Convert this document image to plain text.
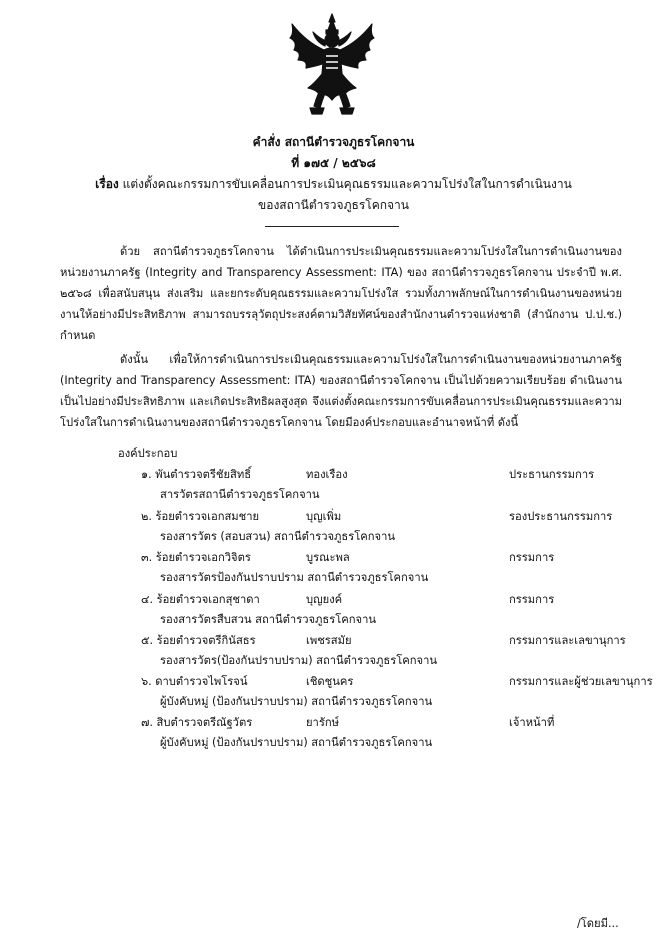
คำสั่ง สถานีตำรวจภูธรโคกจาน
ที่ ๑๗๕ / ๒๕๖๘
เรื่อง แต่งตั้งคณะกรรมการขับเคลื่อนการประเมินคุณธรรมและความโปร่งใสในการดำเนินงาน
ของสถานีตำรวจภูธรโคกจาน

ด้วย สถานีตำรวจภูธรโคกจาน ได้ดำเนินการประเมินคุณธรรมและความโปร่งใสในการดำเนินงานของหน่วยงานภาครัฐ (Integrity and Transparency Assessment: ITA) ของ สถานีตำรวจภูธรโคกจาน ประจำปี พ.ศ. ๒๕๖๘ เพื่อสนับสนุน ส่งเสริม และยกระดับคุณธรรมและความโปร่งใส รวมทั้งภาพลักษณ์ในการดำเนินงานของหน่วยงานให้อย่างมีประสิทธิภาพ สามารถบรรลุวัตถุประสงค์ตามวิสัยทัศน์ของสำนักงานตำรวจแห่งชาติ (สำนักงาน ป.ป.ช.) กำหนด

ดังนั้น เพื่อให้การดำเนินการประเมินคุณธรรมและความโปร่งใสในการดำเนินงานของหน่วยงานภาครัฐ (Integrity and Transparency Assessment: ITA) ของสถานีตำรวจโคกจาน เป็นไปด้วยความเรียบร้อย ดำเนินงานเป็นไปอย่างมีประสิทธิภาพ และเกิดประสิทธิผลสูงสุด จึงแต่งตั้งคณะกรรมการขับเคลื่อนการประเมินคุณธรรมและความโปร่งใสในการดำเนินงานของสถานีตำรวจภูธรโคกจาน โดยมีองค์ประกอบและอำนาจหน้าที่ ดังนี้

องค์ประกอบ
๑. พันตำรวจตรีชัยสิทธิ์	ทองเรือง	ประธานกรรมการ
สารวัตรสถานีตำรวจภูธรโคกจาน
๒. ร้อยตำรวจเอกสมชาย	บุญเพิ่ม	รองประธานกรรมการ
รองสารวัตร (สอบสวน) สถานีตำรวจภูธรโคกจาน
๓. ร้อยตำรวจเอกวิจิตร	บูรณะพล	กรรมการ
รองสารวัตรป้องกันปราบปราม สถานีตำรวจภูธรโคกจาน
๔. ร้อยตำรวจเอกสุชาดา	บุญยงค์	กรรมการ
รองสารวัตรสืบสวน สถานีตำรวจภูธรโคกจาน
๕. ร้อยตำรวจตรีกินัสธร	เพชรสมัย	กรรมการและเลขานุการ
รองสารวัตร(ป้องกันปราบปราม) สถานีตำรวจภูธรโคกจาน
๖. ดาบตำรวจไพโรจน์	เชิดชูนคร	กรรมการและผู้ช่วยเลขานุการ
ผู้บังคับหมู่ (ป้องกันปราบปราม) สถานีตำรวจภูธรโคกจาน
๗. สิบตำรวจตรีณัฐวัตร	ยารักษ์	เจ้าหน้าที่
ผู้บังคับหมู่ (ป้องกันปราบปราม) สถานีตำรวจภูธรโคกจาน
/โดยมี...
